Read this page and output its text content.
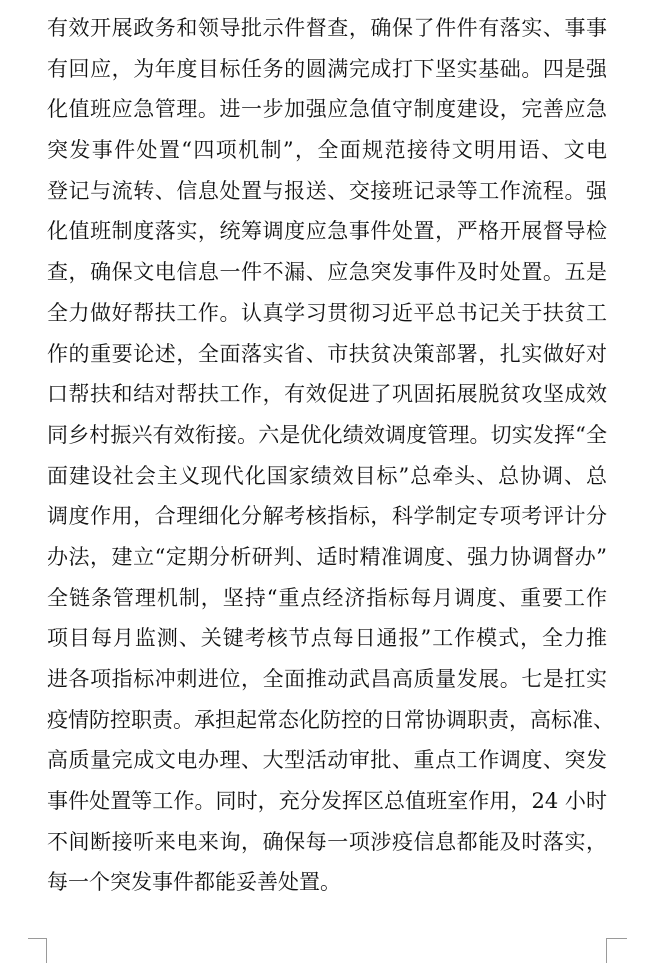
有效开展政务和领导批示件督查，确保了件件有落实、事事
有回应，为年度目标任务的圆满完成打下坚实基础。四是强
化值班应急管理。进一步加强应急值守制度建设，完善应急
突发事件处置“四项机制”，全面规范接待文明用语、文电
登记与流转、信息处置与报送、交接班记录等工作流程。强
化值班制度落实，统筹调度应急事件处置，严格开展督导检
查，确保文电信息一件不漏、应急突发事件及时处置。五是
全力做好帮扶工作。认真学习贯彻习近平总书记关于扶贫工
作的重要论述，全面落实省、市扶贫决策部署，扎实做好对
口帮扶和结对帮扶工作，有效促进了巩固拓展脱贫攻坚成效
同乡村振兴有效衔接。六是优化绩效调度管理。切实发挥“全
面建设社会主义现代化国家绩效目标”总牵头、总协调、总
调度作用，合理细化分解考核指标，科学制定专项考评计分
办法，建立“定期分析研判、适时精准调度、强力协调督办”
全链条管理机制，坚持“重点经济指标每月调度、重要工作
项目每月监测、关键考核节点每日通报”工作模式，全力推
进各项指标冲刺进位，全面推动武昌高质量发展。七是扛实
疫情防控职责。承担起常态化防控的日常协调职责，高标准、
高质量完成文电办理、大型活动审批、重点工作调度、突发
事件处置等工作。同时，充分发挥区总值班室作用，24 小时
不间断接听来电来询，确保每一项涉疫信息都能及时落实，
每一个突发事件都能妥善处置。
